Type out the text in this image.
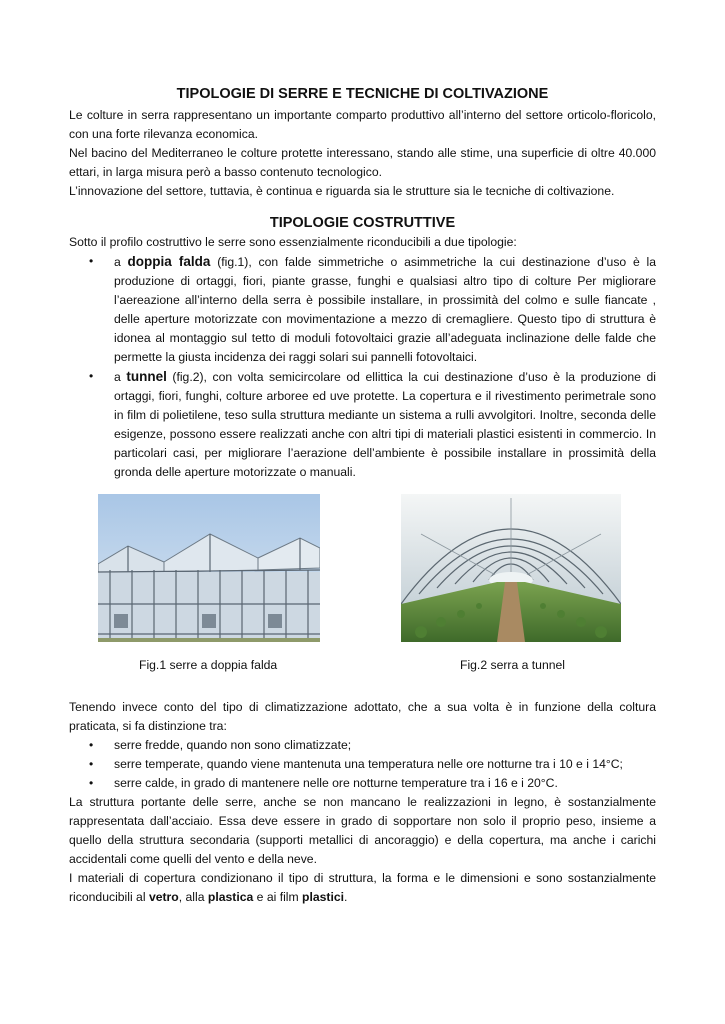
TIPOLOGIE DI SERRE E TECNICHE DI COLTIVAZIONE

Le colture in serra rappresentano un importante comparto produttivo all’interno del settore orticolo-floricolo, con una forte rilevanza economica.

Nel bacino del Mediterraneo le colture protette interessano, stando alle stime, una superficie di oltre 40.000 ettari, in larga misura però a basso contenuto tecnologico.

L’innovazione del settore, tuttavia, è continua e riguarda sia le strutture sia le tecniche di coltivazione.

TIPOLOGIE COSTRUTTIVE

Sotto il profilo costruttivo le serre sono essenzialmente riconducibili a due tipologie:

• a doppia falda (fig.1), con falde simmetriche o asimmetriche la cui destinazione d’uso è la produzione di ortaggi, fiori, piante grasse, funghi e qualsiasi altro tipo di colture Per migliorare l’aereazione all’interno della serra è possibile installare, in prossimità del colmo e sulle fiancate , delle aperture motorizzate con movimentazione a mezzo di cremagliere. Questo tipo di struttura è idonea al montaggio sul tetto di moduli fotovoltaici grazie all’adeguata inclinazione delle falde che permette la giusta incidenza dei raggi solari sui pannelli fotovoltaici.
• a tunnel (fig.2), con volta semicircolare od ellittica la cui destinazione d’uso è la produzione di ortaggi, fiori, funghi, colture arboree ed uve protette. La copertura e il rivestimento perimetrale sono in film di polietilene, teso sulla struttura mediante un sistema a rulli avvolgitori. Inoltre, seconda delle esigenze, possono essere realizzati anche con altri tipi di materiali plastici esistenti in commercio. In particolari casi, per migliorare l’aerazione dell’ambiente è possibile installare in prossimità della gronda delle aperture motorizzate o manuali.
Fig.1 serre a doppia falda	Fig.2 serra a tunnel

Tenendo invece conto del tipo di climatizzazione adottato, che a sua volta è in funzione della coltura praticata, si fa distinzione tra:

• serre fredde, quando non sono climatizzate;
• serre temperate, quando viene mantenuta una temperatura nelle ore notturne tra i 10 e i 14°C;
• serre calde, in grado di mantenere nelle ore notturne temperature tra i 16 e i 20°C.

La struttura portante delle serre, anche se non mancano le realizzazioni in legno, è sostanzialmente rappresentata dall’acciaio. Essa deve essere in grado di sopportare non solo il proprio peso, insieme a quello della struttura secondaria (supporti metallici di ancoraggio) e della copertura, ma anche i carichi accidentali come quelli del vento e della neve.

I materiali di copertura condizionano il tipo di struttura, la forma e le dimensioni e sono sostanzialmente riconducibili al vetro, alla plastica e ai film plastici.
